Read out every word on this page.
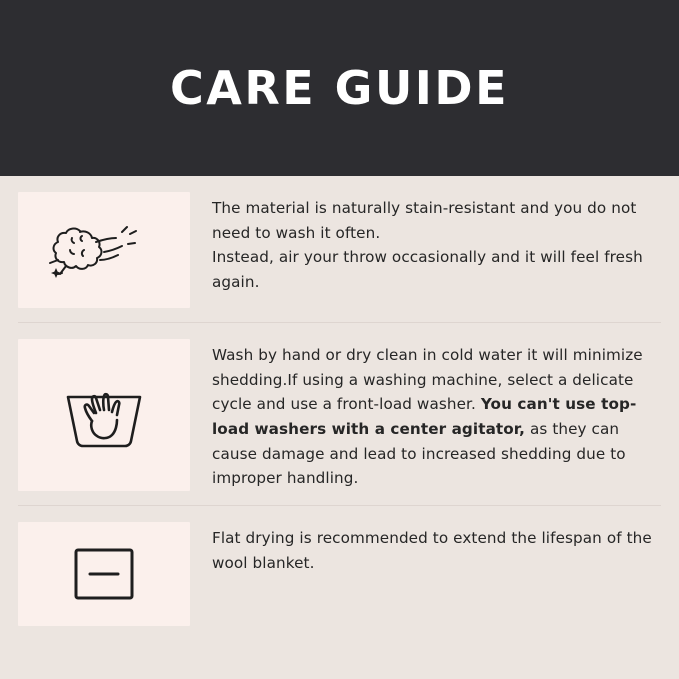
CARE GUIDE
The material is naturally stain-resistant and you do not need to wash it often.
Instead, air your throw occasionally and it will feel fresh again.
Wash by hand or dry clean in cold water it will minimize shedding.If using a washing machine, select a delicate cycle and use a front-load washer. You can't use top-load washers with a center agitator, as they can cause damage and lead to increased shedding due to improper handling.
Flat drying is recommended to extend the lifespan of the wool blanket.
